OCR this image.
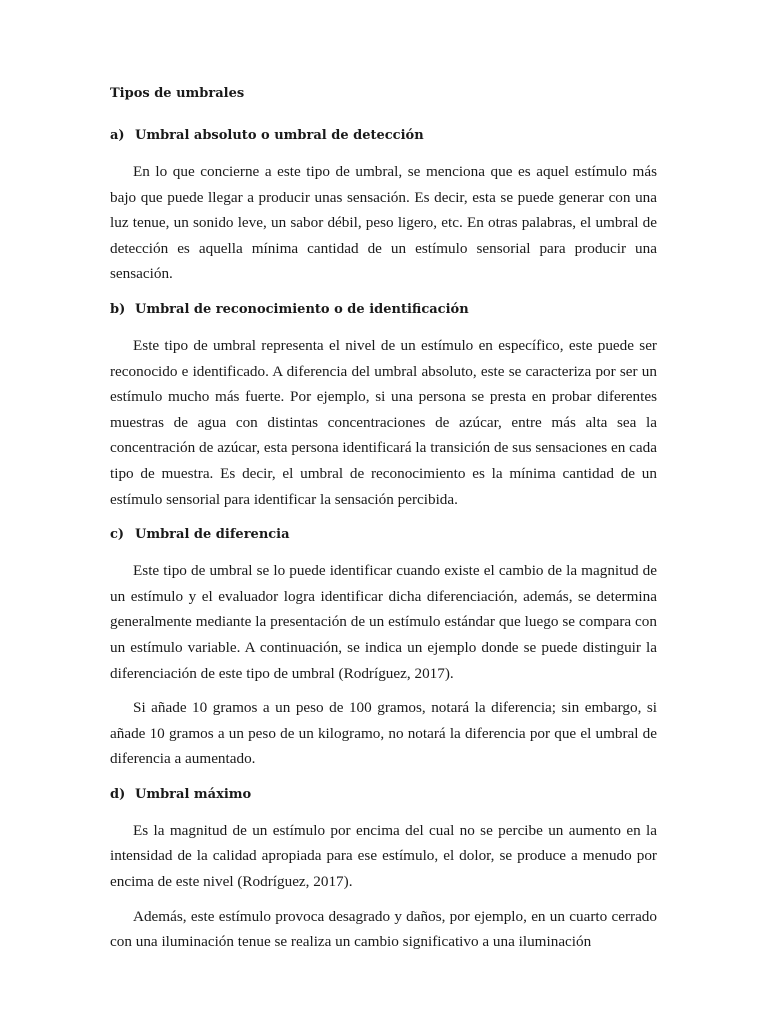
Tipos de umbrales
a) Umbral absoluto o umbral de detección

En lo que concierne a este tipo de umbral, se menciona que es aquel estímulo más bajo que puede llegar a producir unas sensación. Es decir, esta se puede generar con una luz tenue, un sonido leve, un sabor débil, peso ligero, etc. En otras palabras, el umbral de detección es aquella mínima cantidad de un estímulo sensorial para producir una sensación.

b) Umbral de reconocimiento o de identificación

Este tipo de umbral representa el nivel de un estímulo en específico, este puede ser reconocido e identificado. A diferencia del umbral absoluto, este se caracteriza por ser un estímulo mucho más fuerte. Por ejemplo, si una persona se presta en probar diferentes muestras de agua con distintas concentraciones de azúcar, entre más alta sea la concentración de azúcar, esta persona identificará la transición de sus sensaciones en cada tipo de muestra. Es decir, el umbral de reconocimiento es la mínima cantidad de un estímulo sensorial para identificar la sensación percibida.

c) Umbral de diferencia

Este tipo de umbral se lo puede identificar cuando existe el cambio de la magnitud de un estímulo y el evaluador logra identificar dicha diferenciación, además, se determina generalmente mediante la presentación de un estímulo estándar que luego se compara con un estímulo variable. A continuación, se indica un ejemplo donde se puede distinguir la diferenciación de este tipo de umbral (Rodríguez, 2017).

Si añade 10 gramos a un peso de 100 gramos, notará la diferencia; sin embargo, si añade 10 gramos a un peso de un kilogramo, no notará la diferencia por que el umbral de diferencia a aumentado.

d) Umbral máximo

Es la magnitud de un estímulo por encima del cual no se percibe un aumento en la intensidad de la calidad apropiada para ese estímulo, el dolor, se produce a menudo por encima de este nivel (Rodríguez, 2017).

Además, este estímulo provoca desagrado y daños, por ejemplo, en un cuarto cerrado con una iluminación tenue se realiza un cambio significativo a una iluminación
